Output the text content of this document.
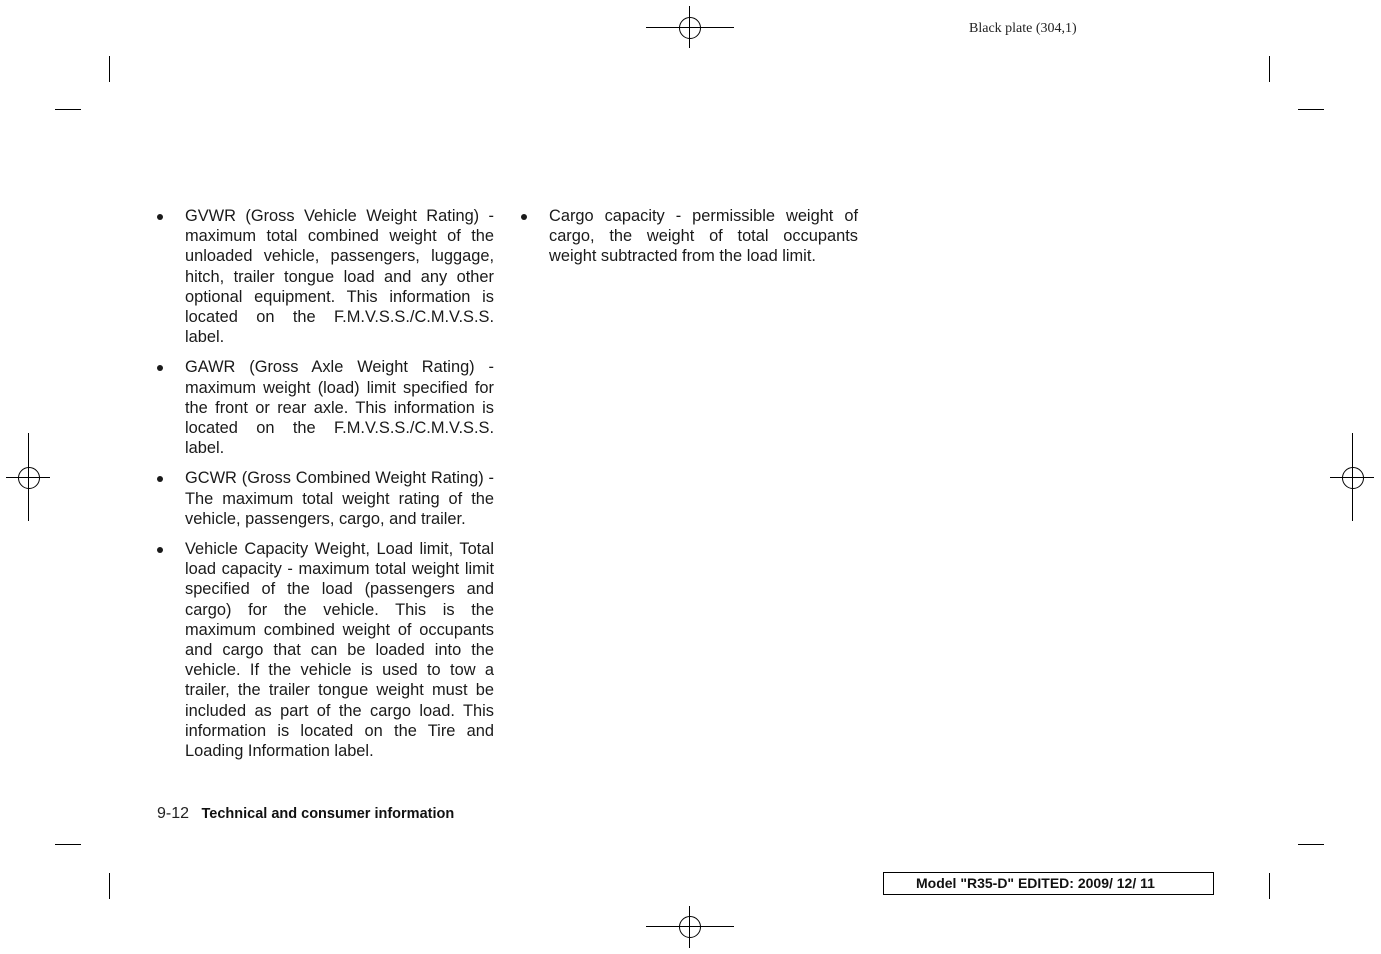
Black plate (304,1)
GVWR (Gross Vehicle Weight Rating) - maximum total combined weight of the unloaded vehicle, passengers, luggage, hitch, trailer tongue load and any other optional equipment. This information is located on the F.M.V.S.S./C.M.V.S.S. label.
GAWR (Gross Axle Weight Rating) - maximum weight (load) limit specified for the front or rear axle. This information is located on the F.M.V.S.S./C.M.V.S.S. label.
GCWR (Gross Combined Weight Rating) - The maximum total weight rating of the vehicle, passengers, cargo, and trailer.
Vehicle Capacity Weight, Load limit, Total load capacity - maximum total weight limit specified of the load (passengers and cargo) for the vehicle. This is the maximum combined weight of occupants and cargo that can be loaded into the vehicle. If the vehicle is used to tow a trailer, the trailer tongue weight must be included as part of the cargo load. This information is located on the Tire and Loading Information label.
Cargo capacity - permissible weight of cargo, the weight of total occupants weight subtracted from the load limit.
9-12 Technical and consumer information
Model "R35-D" EDITED: 2009/ 12/ 11
